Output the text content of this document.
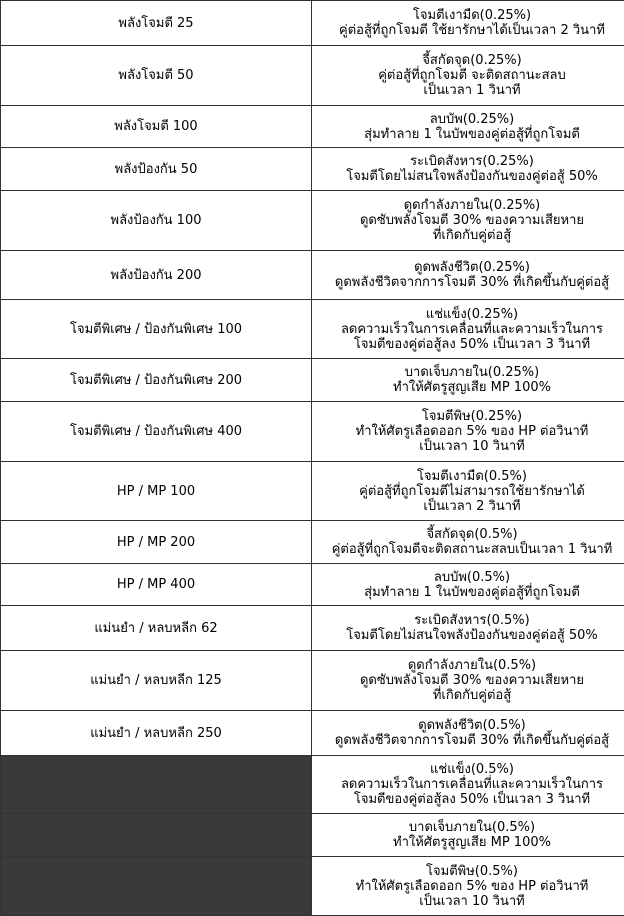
พลังโจมตี 25	โจมตีเงามืด(0.25%)
คู่ต่อสู้ที่ถูกโจมตี ใช้ยารักษาได้เป็นเวลา 2 วินาที

พลังโจมตี 50	จี้สกัดจุด(0.25%)
คู่ต่อสู้ที่ถูกโจมตี จะติดสถานะสลบ
เป็นเวลา 1 วินาที

พลังโจมตี 100	ลบบัพ(0.25%)
สุ่มทำลาย 1 ในบัพของคู่ต่อสู้ที่ถูกโจมตี

พลังป้องกัน 50	ระเบิดสังหาร(0.25%)
โจมตีโดยไม่สนใจพลังป้องกันของคู่ต่อสู้ 50%

พลังป้องกัน 100	ดูดกำลังภายใน(0.25%)
ดูดซับพลังโจมตี 30% ของความเสียหาย
ที่เกิดกับคู่ต่อสู้

พลังป้องกัน 200	ดูดพลังชีวิต(0.25%)
ดูดพลังชีวิตจากการโจมตี 30% ที่เกิดขึ้นกับคู่ต่อสู้

โจมตีพิเศษ / ป้องกันพิเศษ 100	แช่แข็ง(0.25%)
ลดความเร็วในการเคลื่อนที่และความเร็วในการ
โจมตีของคู่ต่อสู้ลง 50% เป็นเวลา 3 วินาที

โจมตีพิเศษ / ป้องกันพิเศษ 200	บาดเจ็บภายใน(0.25%)
ทำให้ศัตรูสูญเสีย MP 100%

โจมตีพิเศษ / ป้องกันพิเศษ 400	โจมตีพิษ(0.25%)
ทำให้ศัตรูเลือดออก 5% ของ HP ต่อวินาที
เป็นเวลา 10 วินาที

HP / MP 100	โจมตีเงามืด(0.5%)
คู่ต่อสู้ที่ถูกโจมตีไม่สามารถใช้ยารักษาได้
เป็นเวลา 2 วินาที

HP / MP 200	จี้สกัดจุด(0.5%)
คู่ต่อสู้ที่ถูกโจมตีจะติดสถานะสลบเป็นเวลา 1 วินาที

HP / MP 400	ลบบัพ(0.5%)
สุ่มทำลาย 1 ในบัพของคู่ต่อสู้ที่ถูกโจมตี

แม่นยำ / หลบหลีก 62	ระเบิดสังหาร(0.5%)
โจมตีโดยไม่สนใจพลังป้องกันของคู่ต่อสู้ 50%

แม่นยำ / หลบหลีก 125	ดูดกำลังภายใน(0.5%)
ดูดซับพลังโจมตี 30% ของความเสียหาย
ที่เกิดกับคู่ต่อสู้

แม่นยำ / หลบหลีก 250	ดูดพลังชีวิต(0.5%)
ดูดพลังชีวิตจากการโจมตี 30% ที่เกิดขึ้นกับคู่ต่อสู้

	แช่แข็ง(0.5%)
ลดความเร็วในการเคลื่อนที่และความเร็วในการ
โจมตีของคู่ต่อสู้ลง 50% เป็นเวลา 3 วินาที

	บาดเจ็บภายใน(0.5%)
ทำให้ศัตรูสูญเสีย MP 100%

	โจมตีพิษ(0.5%)
ทำให้ศัตรูเลือดออก 5% ของ HP ต่อวินาที
เป็นเวลา 10 วินาที
